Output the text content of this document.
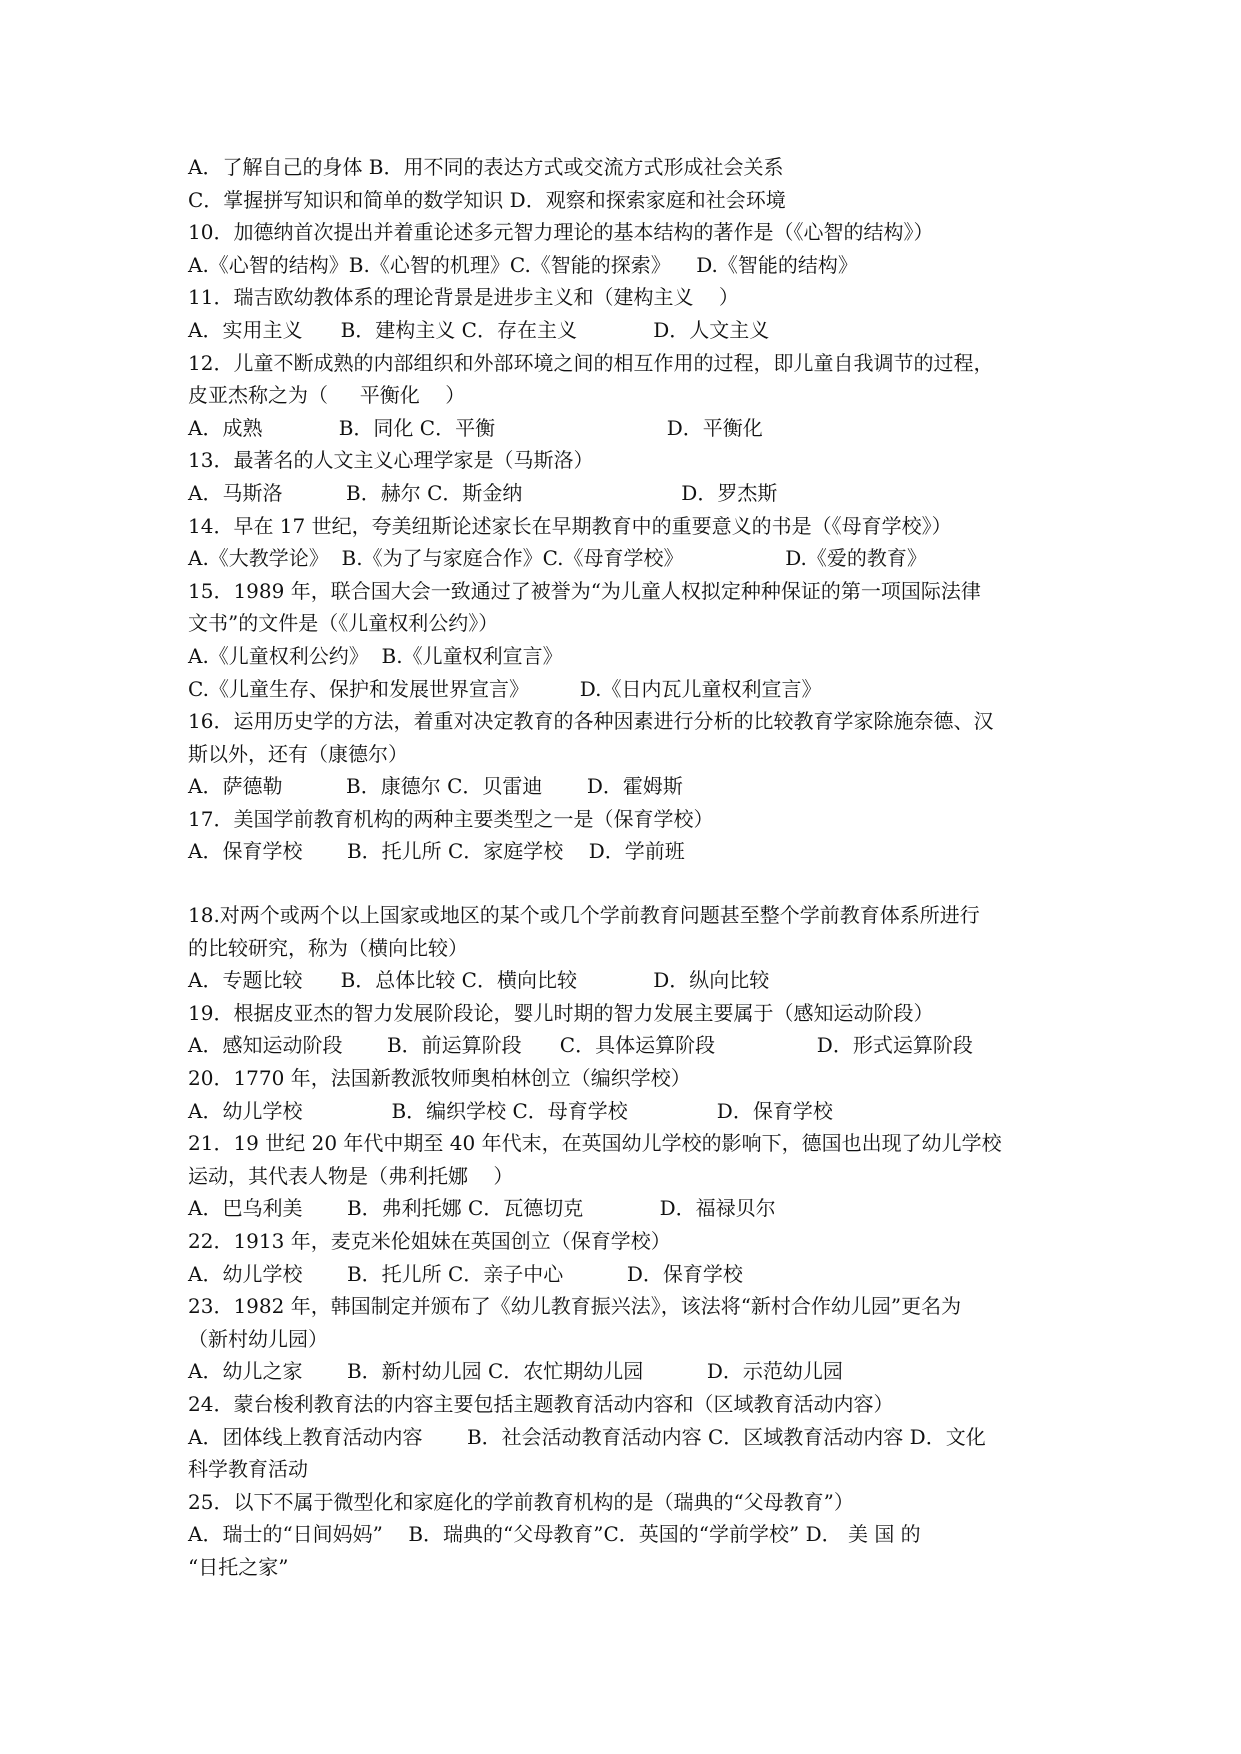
A．了解自己的身体 B．用不同的表达方式或交流方式形成社会关系
C．掌握拼写知识和简单的数学知识 D．观察和探索家庭和社会环境
10．加德纳首次提出并着重论述多元智力理论的基本结构的著作是（《心智的结构》）
A.《心智的结构》B.《心智的机理》C.《智能的探索》    D.《智能的结构》
11．瑞吉欧幼教体系的理论背景是进步主义和（建构主义    ）
A．实用主义      B．建构主义 C．存在主义            D．人文主义
12．儿童不断成熟的内部组织和外部环境之间的相互作用的过程，即儿童自我调节的过程，
皮亚杰称之为（     平衡化    ）
A．成熟            B．同化 C．平衡                           D．平衡化
13．最著名的人文主义心理学家是（马斯洛）
A．马斯洛          B．赫尔 C．斯金纳                         D．罗杰斯
14．早在 17 世纪，夸美纽斯论述家长在早期教育中的重要意义的书是（《母育学校》）
A.《大教学论》  B.《为了与家庭合作》C.《母育学校》                D.《爱的教育》
15．1989 年，联合国大会一致通过了被誉为“为儿童人权拟定种种保证的第一项国际法律
文书”的文件是（《儿童权利公约》）
A.《儿童权利公约》  B.《儿童权利宣言》
C.《儿童生存、保护和发展世界宣言》        D.《日内瓦儿童权利宣言》
16．运用历史学的方法，着重对决定教育的各种因素进行分析的比较教育学家除施奈德、汉
斯以外，还有（康德尔）
A．萨德勒          B．康德尔 C．贝雷迪       D．霍姆斯
17．美国学前教育机构的两种主要类型之一是（保育学校）
A．保育学校       B．托儿所 C．家庭学校    D．学前班
18.对两个或两个以上国家或地区的某个或几个学前教育问题甚至整个学前教育体系所进行
的比较研究，称为（横向比较）
A．专题比较      B．总体比较 C．横向比较            D．纵向比较
19．根据皮亚杰的智力发展阶段论，婴儿时期的智力发展主要属于（感知运动阶段）
A．感知运动阶段       B．前运算阶段      C．具体运算阶段                D．形式运算阶段
20．1770 年，法国新教派牧师奥柏林创立（编织学校）
A．幼儿学校              B．编织学校 C．母育学校              D．保育学校
21．19 世纪 20 年代中期至 40 年代末，在英国幼儿学校的影响下，德国也出现了幼儿学校
运动，其代表人物是（弗利托娜    ）
A．巴乌利美       B．弗利托娜 C．瓦德切克            D．福禄贝尔
22．1913 年，麦克米伦姐妹在英国创立（保育学校）
A．幼儿学校       B．托儿所 C．亲子中心          D．保育学校
23．1982 年，韩国制定并颁布了《幼儿教育振兴法》，该法将“新村合作幼儿园”更名为
（新村幼儿园）
A．幼儿之家       B．新村幼儿园 C．农忙期幼儿园          D．示范幼儿园
24．蒙台梭利教育法的内容主要包括主题教育活动内容和（区域教育活动内容）
A．团体线上教育活动内容       B．社会活动教育活动内容 C．区域教育活动内容 D．文化
科学教育活动
25．以下不属于微型化和家庭化的学前教育机构的是（瑞典的“父母教育”）
A．瑞士的“日间妈妈”    B．瑞典的“父母教育”C．英国的“学前学校” D． 美 国 的
“日托之家”
